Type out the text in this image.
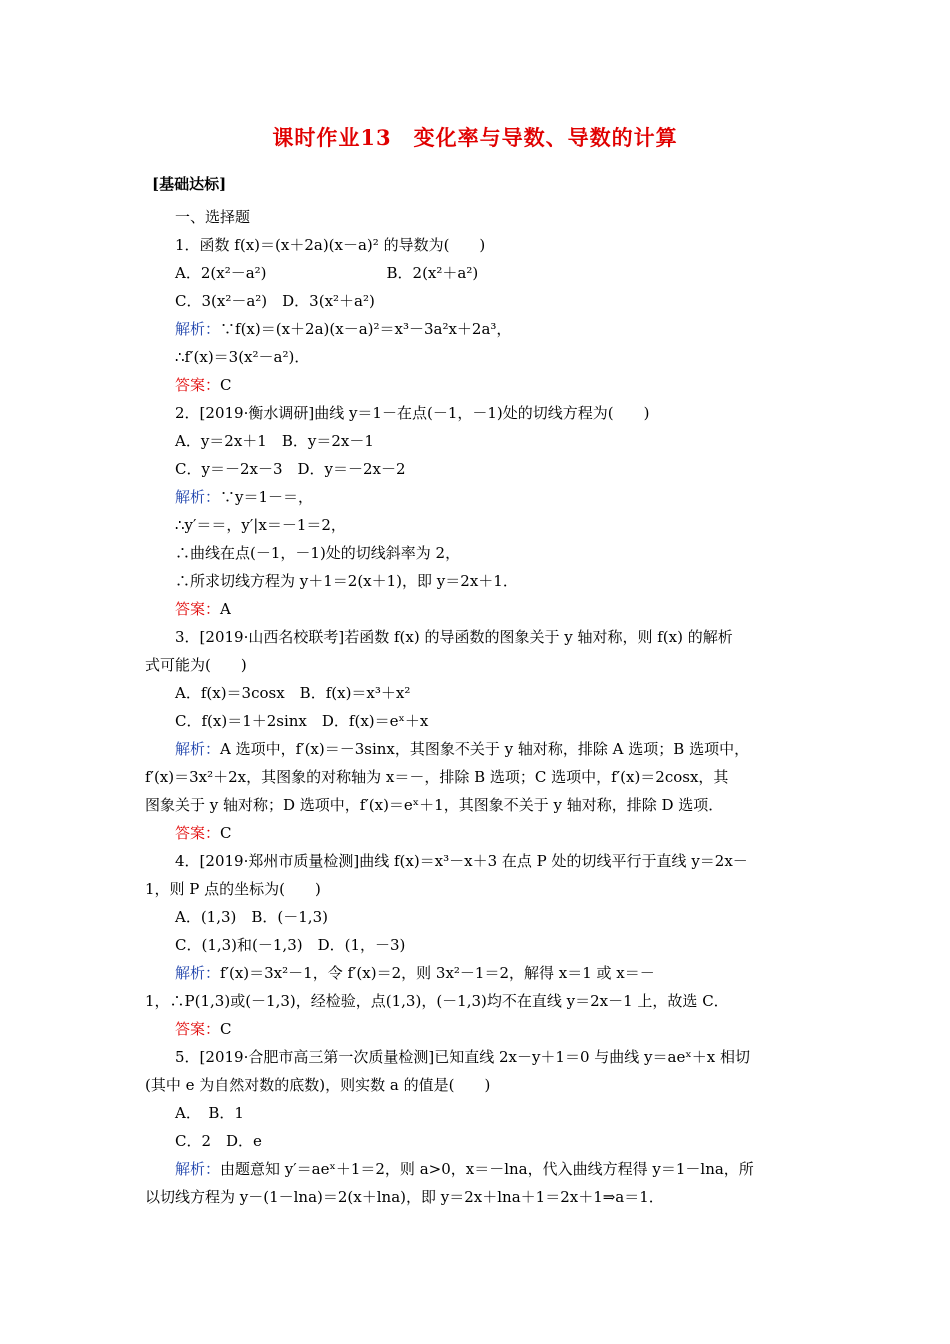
课时作业13　变化率与导数、导数的计算
[基础达标]
一、选择题
1．函数 f(x)＝(x＋2a)(x－a)² 的导数为(　　)
A．2(x²－a²)　　　　　　　　B．2(x²＋a²)
C．3(x²－a²)　D．3(x²＋a²)
解析：∵f(x)＝(x＋2a)(x－a)²＝x³－3a²x＋2a³，
∴f′(x)＝3(x²－a²)．
答案：C
2．[2019·衡水调研]曲线 y＝1－在点(－1，－1)处的切线方程为(　　)
A．y＝2x＋1　B．y＝2x－1
C．y＝－2x－3　D．y＝－2x－2
解析：∵y＝1－＝，
∴y′＝＝，y′|x＝－1＝2，
∴曲线在点(－1，－1)处的切线斜率为 2，
∴所求切线方程为 y＋1＝2(x＋1)，即 y＝2x＋1．
答案：A
3．[2019·山西名校联考]若函数 f(x) 的导函数的图象关于 y 轴对称，则 f(x) 的解析
式可能为(　　)
A．f(x)＝3cosx　B．f(x)＝x³＋x²
C．f(x)＝1＋2sinx　D．f(x)＝eˣ＋x
解析：A 选项中，f′(x)＝－3sinx，其图象不关于 y 轴对称，排除 A 选项；B 选项中，
f′(x)＝3x²＋2x，其图象的对称轴为 x＝－，排除 B 选项；C 选项中，f′(x)＝2cosx，其
图象关于 y 轴对称；D 选项中，f′(x)＝eˣ＋1，其图象不关于 y 轴对称，排除 D 选项．
答案：C
4．[2019·郑州市质量检测]曲线 f(x)＝x³－x＋3 在点 P 处的切线平行于直线 y＝2x－
1，则 P 点的坐标为(　　)
A．(1,3)　B．(－1,3)
C．(1,3)和(－1,3)　D．(1，－3)
解析：f′(x)＝3x²－1，令 f′(x)＝2，则 3x²－1＝2，解得 x＝1 或 x＝－
1，∴P(1,3)或(－1,3)，经检验，点(1,3)，(－1,3)均不在直线 y＝2x－1 上，故选 C．
答案：C
5．[2019·合肥市高三第一次质量检测]已知直线 2x－y＋1＝0 与曲线 y＝aeˣ＋x 相切
(其中 e 为自然对数的底数)，则实数 a 的值是(　　)
A．　B．1
C．2　D．e
解析：由题意知 y′＝aeˣ＋1＝2，则 a>0，x＝－lna，代入曲线方程得 y＝1－lna，所
以切线方程为 y－(1－lna)＝2(x＋lna)，即 y＝2x＋lna＋1＝2x＋1⇒a＝1．
